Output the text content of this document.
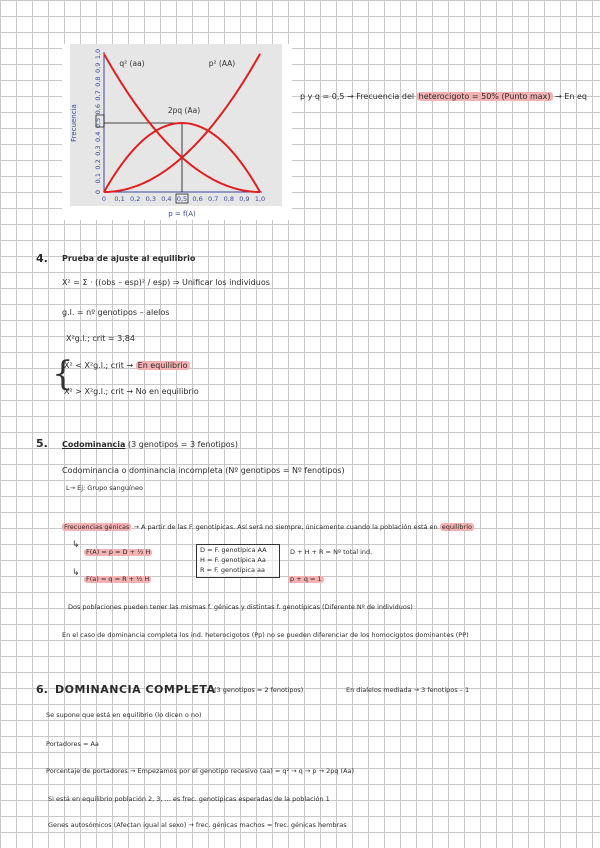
0
0,1
0,2
0,3
0,4
0,5
0,6
0,7
0,8
0,9
1,0
0 0,1 0,2 0,3 0,4 0,5 0,6 0,7 0,8 0,9 1,0
Frecuencia
p = f(A)
q² (aa)	p² (AA)
2pq (Aa)
p y q = 0,5 → Frecuencia del heterocigoto = 50% (Punto max) → En eq
4. Prueba de ajuste al equilibrio
X² = Σ · ((obs – esp)² / esp) ⇒ Unificar los individuos
g.l. = nº genotipos – alelos
X²g.l.; crit = 3,84
{
X² < X²g.l.; crit → En equilibrio
X² > X²g.l.; crit → No en equilibrio
5. Codominancia (3 genotipos = 3 fenotipos)
Codominancia o dominancia incompleta (Nº genotipos = Nº fenotipos)
L→ Ej: Grupo sanguíneo
Frecuencias génicas → A partir de las F. genotípicas. Así será no siempre, únicamente cuando la población está en equilibrio
↳
F(A) = p = D + ½ H
↳
F(a) = q = R + ½ H
D = F. genotípica AA
H = F. genotípica Aa
R = F. genotípica aa
D + H + R = Nº total ind.
p + q = 1
Dos poblaciones pueden tener las mismas f. génicas y distintas f. genotípicas (Diferente Nº de individuos)
En el caso de dominancia completa los ind. heterocigotos (Pp) no se pueden diferenciar de los homocigotos dominantes (PP)
6. DOMINANCIA COMPLETA
(3 genotipos = 2 fenotipos)	En dialelos mediada → 3 fenotipos – 1
Se supone que está en equilibrio (lo dicen o no)
Portadores = Aa
Porcentaje de portadores → Empezamos por el genotipo recesivo (aa) = q² → q → p → 2pq (Aa)
Si está en equilibrio población 2, 3, ... es frec. genotípicas esperadas de la población 1
Genes autosómicos (Afectan igual al sexo) → frec. génicas machos = frec. génicas hembras
